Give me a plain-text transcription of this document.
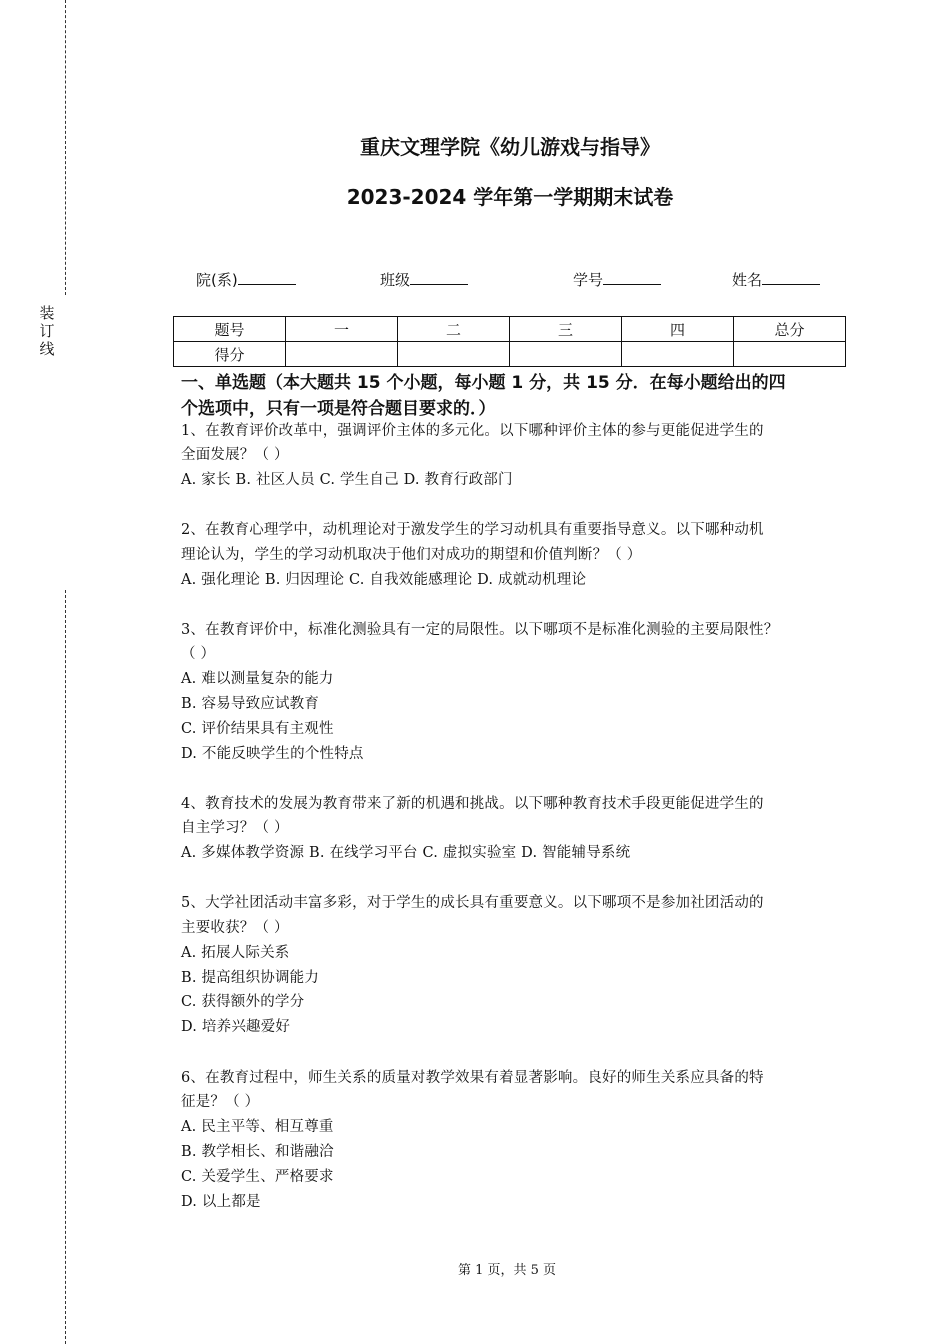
装
订
线
重庆文理学院《幼儿游戏与指导》
2023-2024 学年第一学期期末试卷
院(系)	班级	学号	姓名
题号	一	二	三	四	总分
得分					
一、单选题（本大题共 15 个小题，每小题 1 分，共 15 分．在每小题给出的四
个选项中，只有一项是符合题目要求的．）
1、在教育评价改革中，强调评价主体的多元化。以下哪种评价主体的参与更能促进学生的
全面发展？（ ）
A. 家长 B. 社区人员 C. 学生自己 D. 教育行政部门
2、在教育心理学中，动机理论对于激发学生的学习动机具有重要指导意义。以下哪种动机
理论认为，学生的学习动机取决于他们对成功的期望和价值判断？（ ）
A. 强化理论 B. 归因理论 C. 自我效能感理论 D. 成就动机理论
3、在教育评价中，标准化测验具有一定的局限性。以下哪项不是标准化测验的主要局限性？
（ ）
A. 难以测量复杂的能力
B. 容易导致应试教育
C. 评价结果具有主观性
D. 不能反映学生的个性特点
4、教育技术的发展为教育带来了新的机遇和挑战。以下哪种教育技术手段更能促进学生的
自主学习？（ ）
A. 多媒体教学资源 B. 在线学习平台 C. 虚拟实验室 D. 智能辅导系统
5、大学社团活动丰富多彩，对于学生的成长具有重要意义。以下哪项不是参加社团活动的
主要收获？（ ）
A. 拓展人际关系
B. 提高组织协调能力
C. 获得额外的学分
D. 培养兴趣爱好
6、在教育过程中，师生关系的质量对教学效果有着显著影响。良好的师生关系应具备的特
征是？（ ）
A. 民主平等、相互尊重
B. 教学相长、和谐融洽
C. 关爱学生、严格要求
D. 以上都是
第 1 页，共 5 页
